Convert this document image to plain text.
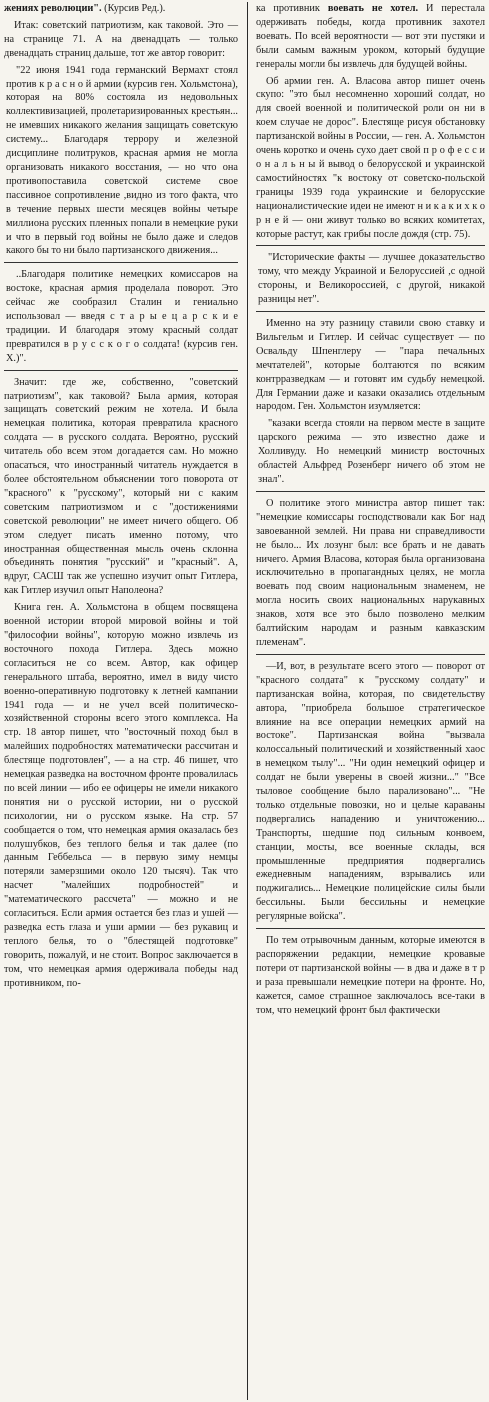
жениях революции". (Курсив Ред.).

Итак: советский патриотизм, как таковой. Это — на странице 71. А на двенадцать — только двенадцать страниц дальше, тот же автор говорит:

"22 июня 1941 года германский Вермахт стоял против к р а с н о й армии (курсив ген. Хольмстона), которая на 80% состояла из недовольных коллективизацией, пролетаризированных крестьян... не имевших никакого желания защищать советскую систему... Благодаря террору и железной дисциплине политруков, красная армия не могла организовать никакого восстания, — но что она противопоставила советской системе свое пассивное сопротивление ,видно из того факта, что в течение первых шести месяцев войны четыре миллиона русских пленных попали в немецкие руки и что в первый год войны не было даже и следов какого бы то ни было партизанского движения...

..Благодаря политике немецких комиссаров на востоке, красная армия проделала поворот. Это сейчас же сообразил Сталин и гениально использовал — введя с т а р ы е ц а р с к и е традиции. И благодаря этому красный солдат превратился в р у с с к о г о солдата! (курсив ген. Х.)".

Значит: где же, собственно, "советский патриотизм", как таковой? Была армия, которая защищать советский режим не хотела. И была немецкая политика, которая превратила красного солдата — в русского солдата. Вероятно, русский читатель обо всем этом догадается сам. Но можно опасаться, что иностранный читатель нуждается в более обстоятельном объяснении того поворота от "красного" к "русскому", который ни с каким советским патриотизмом и с "достижениями советской революции" не имеет ничего общего. Об этом следует писать именно потому, что иностранная общественная мысль очень склонна объединять понятия "русский" и "красный". А, вдруг, САСШ так же успешно изучит опыт Гитлера, как Гитлер изучил опыт Наполеона?

Книга ген. А. Хольмстона в общем посвящена военной истории второй мировой войны и той "философии войны", которую можно извлечь из восточного похода Гитлера. Здесь можно согласиться не со всем. Автор, как офицер генерального штаба, вероятно, имел в виду чисто военно-оперативную подготовку к летней кампании 1941 года — и не учел всей политическо-хозяйственной стороны всего этого комплекса. На стр. 18 автор пишет, что "восточный поход был в малейших подробностях математически рассчитан и блестяще подготовлен", — а на стр. 46 пишет, что немецкая разведка на восточном фронте провалилась по всей линии — ибо ее офицеры не имели никакого понятия ни о русской истории, ни о русской психологии, ни о русском языке. На стр. 57 сообщается о том, что немецкая армия оказалась без полушубков, без теплого белья и так далее (по данным Геббельса — в первую зиму немцы потеряли замерзшими около 120 тысяч). Так что насчет "малейших подробностей" и "математического рассчета" — можно и не согласиться. Если армия остается без глаз и ушей — разведка есть глаза и уши армии — без рукавиц и теплого белья, то о "блестящей подготовке" говорить, пожалуй, и не стоит. Вопрос заключается в том, что немецкая армия одерживала победы над противником, по-

ка противник воевать не хотел. И перестала одерживать победы, когда противник захотел воевать. По всей вероятности — вот эти пустяки и были самым важным уроком, который будущие генералы могли бы извлечь для будущей войны.

Об армии ген. А. Власова автор пишет очень скупо: "это был несомненно хороший солдат, но для своей военной и политической роли он ни в коем случае не дорос". Блестяще рисуя обстановку партизанской войны в России, — ген. А. Хольмстон очень коротко и очень сухо дает свой п р о ф е с с и о н а л ь н ы й вывод о белорусской и украинской самостийностях "к востоку от советско-польской границы 1939 года украинские и белорусские националистические идеи не имеют н и к а к и х к о р н е й — они живут только во всяких комитетах, которые растут, как грибы после дождя (стр. 75).

"Исторические факты — лучшее доказательство тому, что между Украиной и Белоруссией ,с одной стороны, и Великороссией, с другой, никакой разницы нет".

Именно на эту разницу ставили свою ставку и Вильгельм и Гитлер. И сейчас существует — по Освальду Шпенглеру — "пара печальных мечтателей", которые болтаются по всяким контрразведкам — и готовят им судьбу немецкой. Для Германии даже и казаки оказались отдельным народом. Ген. Хольмстон изумляется:

"казаки всегда стояли на первом месте в защите царского режима — это известно даже и Холливуду. Но немецкий министр восточных областей Альфред Розенберг ничего об этом не знал".

О политике этого министра автор пишет так: "немецкие комиссары господствовали как Бог над завоеванной землей. Ни права ни справедливости не было... Их лозунг был: все брать и не давать ничего. Армия Власова, которая была организована исключительно в пропагандных целях, не могла воевать под своим национальным знаменем, не могла носить своих национальных нарукавных знаков, хотя все это было позволено мелким балтийским народам и разным кавказским племенам".

—И, вот, в результате всего этого — поворот от "красного солдата" к "русскому солдату" и партизанская война, которая, по свидетельству автора, "приобрела большое стратегическое влияние на все операции немецких армий на востоке". Партизанская война "вызвала колоссальный политический и хозяйственный хаос в немецком тылу"... "Ни один немецкий офицер и солдат не были уверены в своей жизни..." "Все тыловое сообщение было парализовано"... "Не только отдельные повозки, но и целые караваны подвергались нападению и уничтожению... Транспорты, шедшие под сильным конвоем, станции, мосты, все военные склады, вся промышленные предприятия подвергались ежедневным нападениям, взрывались или поджигались... Немецкие полицейские силы были бессильны. Были бессильны и немецкие регулярные войска".

По тем отрывочным данным, которые имеются в распоряжении редакции, немецкие кровавые потери от партизанской войны — в два и даже в т р и раза превышали немецкие потери на фронте. Но, кажется, самое страшное заключалось все-таки в том, что немецкий фронт был фактически
